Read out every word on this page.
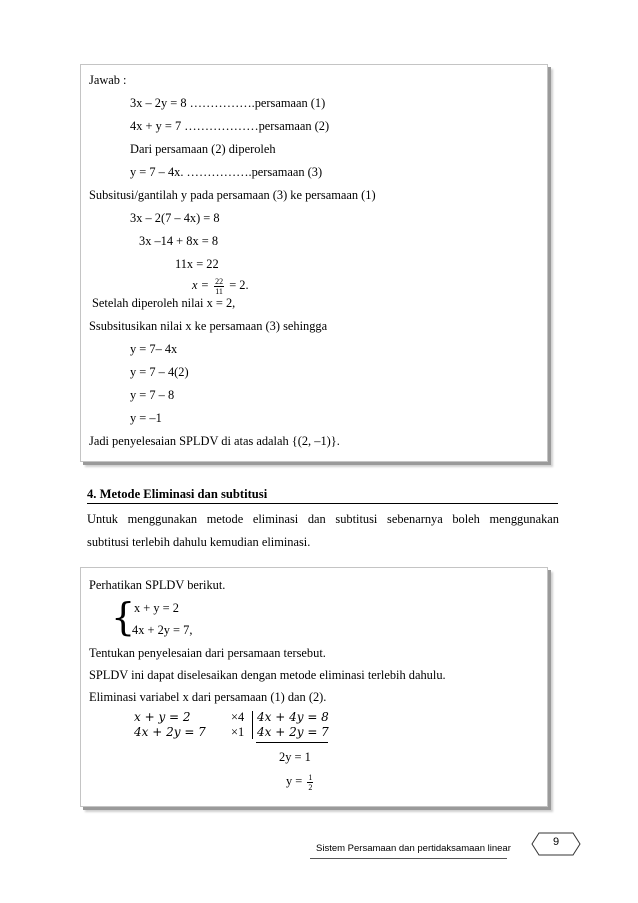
Jawab :
3x – 2y = 8 …………….persamaan (1)
4x + y = 7 ………………persamaan (2)
Dari persamaan (2) diperoleh
y = 7 – 4x. …………….persamaan (3)
Subsitusi/gantilah y pada persamaan (3) ke persamaan (1)
3x – 2(7 – 4x) = 8
3x –14 + 8x = 8
11x = 22
$x = \frac{22}{11} = 2$.
Setelah diperoleh nilai x = 2,
Ssubsitusikan nilai x ke persamaan (3) sehingga
y = 7– 4x
y = 7 – 4(2)
y = 7 – 8
y = –1
Jadi penyelesaian SPLDV di atas adalah {(2, –1)}.
4. Metode Eliminasi dan subtitusi
Untuk menggunakan metode eliminasi dan subtitusi sebenarnya boleh menggunakan
subtitusi terlebih dahulu kemudian eliminasi.
Perhatikan SPLDV berikut.
{
x + y = 2
4x + 2y = 7,
Tentukan penyelesaian dari persamaan tersebut.
SPLDV ini dapat diselesaikan dengan metode eliminasi terlebih dahulu.
Eliminasi variabel x dari persamaan (1) dan (2).
x + y = 2
4x + 2y = 7
×4
×1
4x + 4y = 8
4x + 2y = 7
2y = 1
$y = \frac{1}{2}$
Sistem Persamaan dan pertidaksamaan linear
9
